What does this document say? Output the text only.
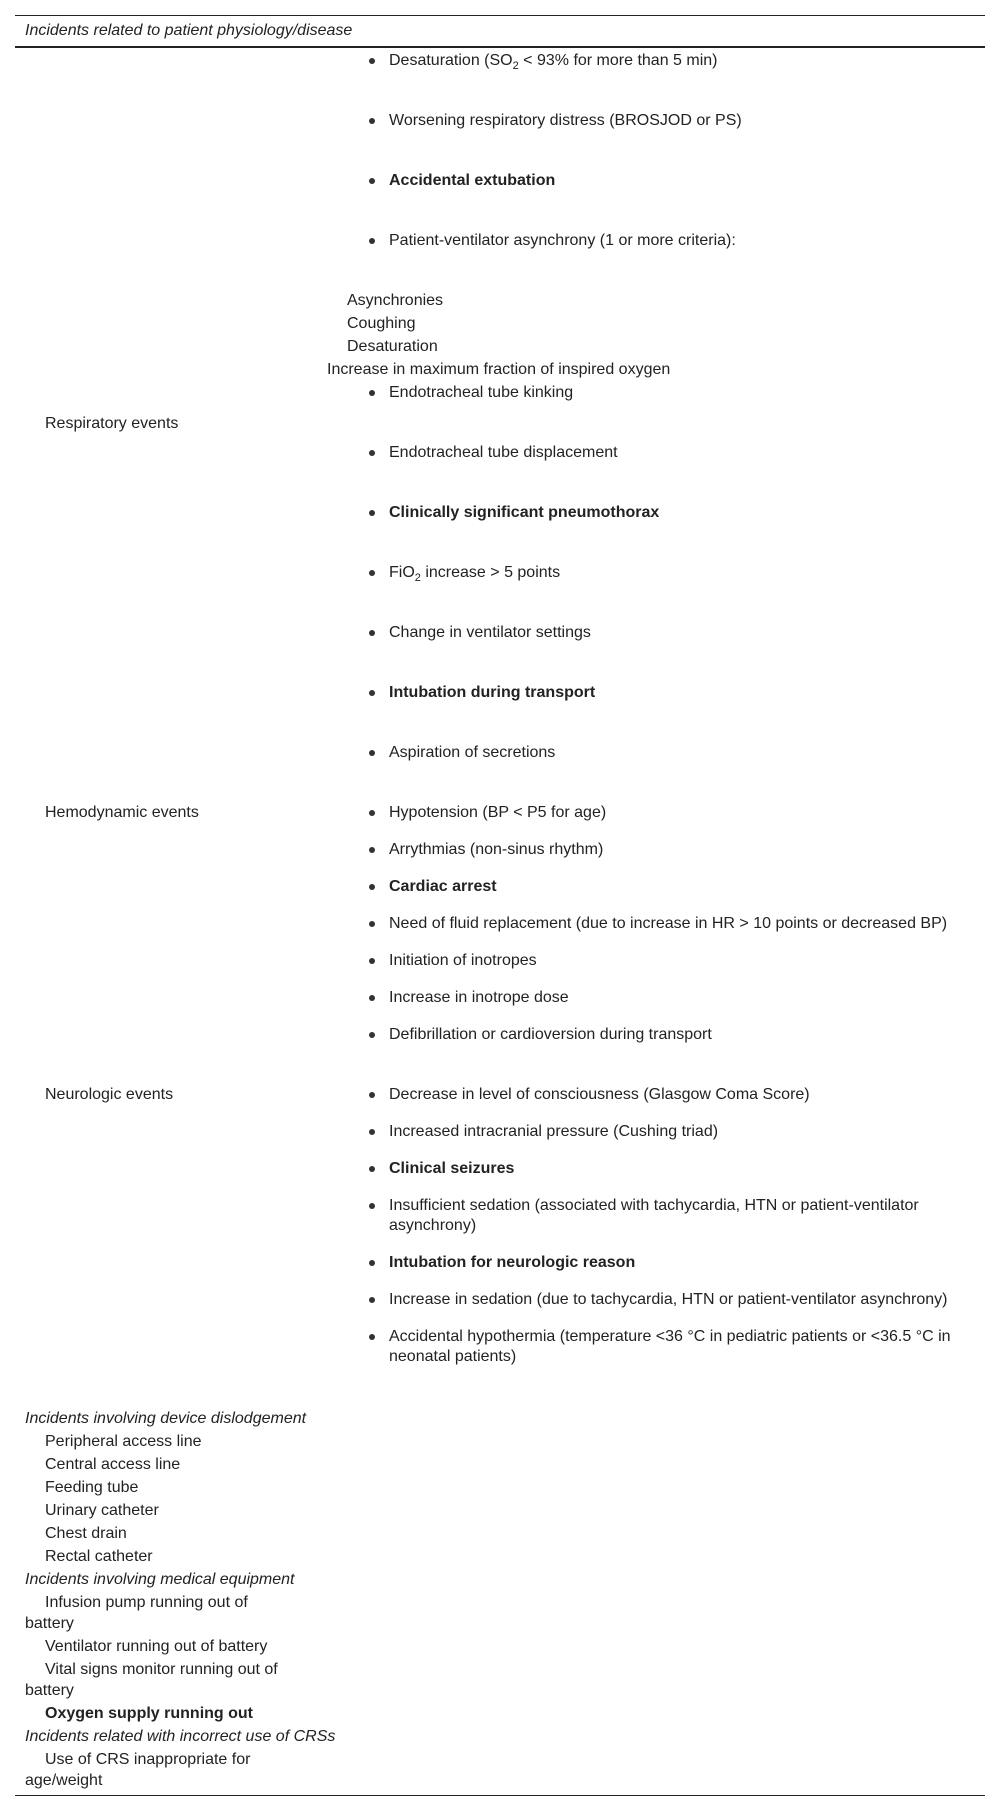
Incidents related to patient physiology/disease
Respiratory events
Hemodynamic events
Neurologic events
Desaturation ($SO_2 < 93\%$ for more than 5 min)
Worsening respiratory distress (BROSJOD or PS)
Accidental extubation
Patient-ventilator asynchrony (1 or more criteria):
Asynchronies
Coughing
Desaturation
Increase in maximum fraction of inspired oxygen
Endotracheal tube kinking
Endotracheal tube displacement
Clinically significant pneumothorax
FiO$_2$ increase > 5 points
Change in ventilator settings
Intubation during transport
Aspiration of secretions
Hypotension (BP < P5 for age)
Arrythmias (non-sinus rhythm)
Cardiac arrest
Need of fluid replacement (due to increase in HR > 10 points or decreased BP)
Initiation of inotropes
Increase in inotrope dose
Defibrillation or cardioversion during transport
Decrease in level of consciousness (Glasgow Coma Score)
Increased intracranial pressure (Cushing triad)
Clinical seizures
Insufficient sedation (associated with tachycardia, HTN or patient-ventilator asynchrony)
Intubation for neurologic reason
Increase in sedation (due to tachycardia, HTN or patient-ventilator asynchrony)
Accidental hypothermia (temperature <36 °C in pediatric patients or <36.5 °C in neonatal patients)
Incidents involving device dislodgement
Peripheral access line
Central access line
Feeding tube
Urinary catheter
Chest drain
Rectal catheter
Incidents involving medical equipment
Infusion pump running out of
battery
Ventilator running out of battery
Vital signs monitor running out of
battery
Oxygen supply running out
Incidents related with incorrect use of CRSs
Use of CRS inappropriate for
age/weight
